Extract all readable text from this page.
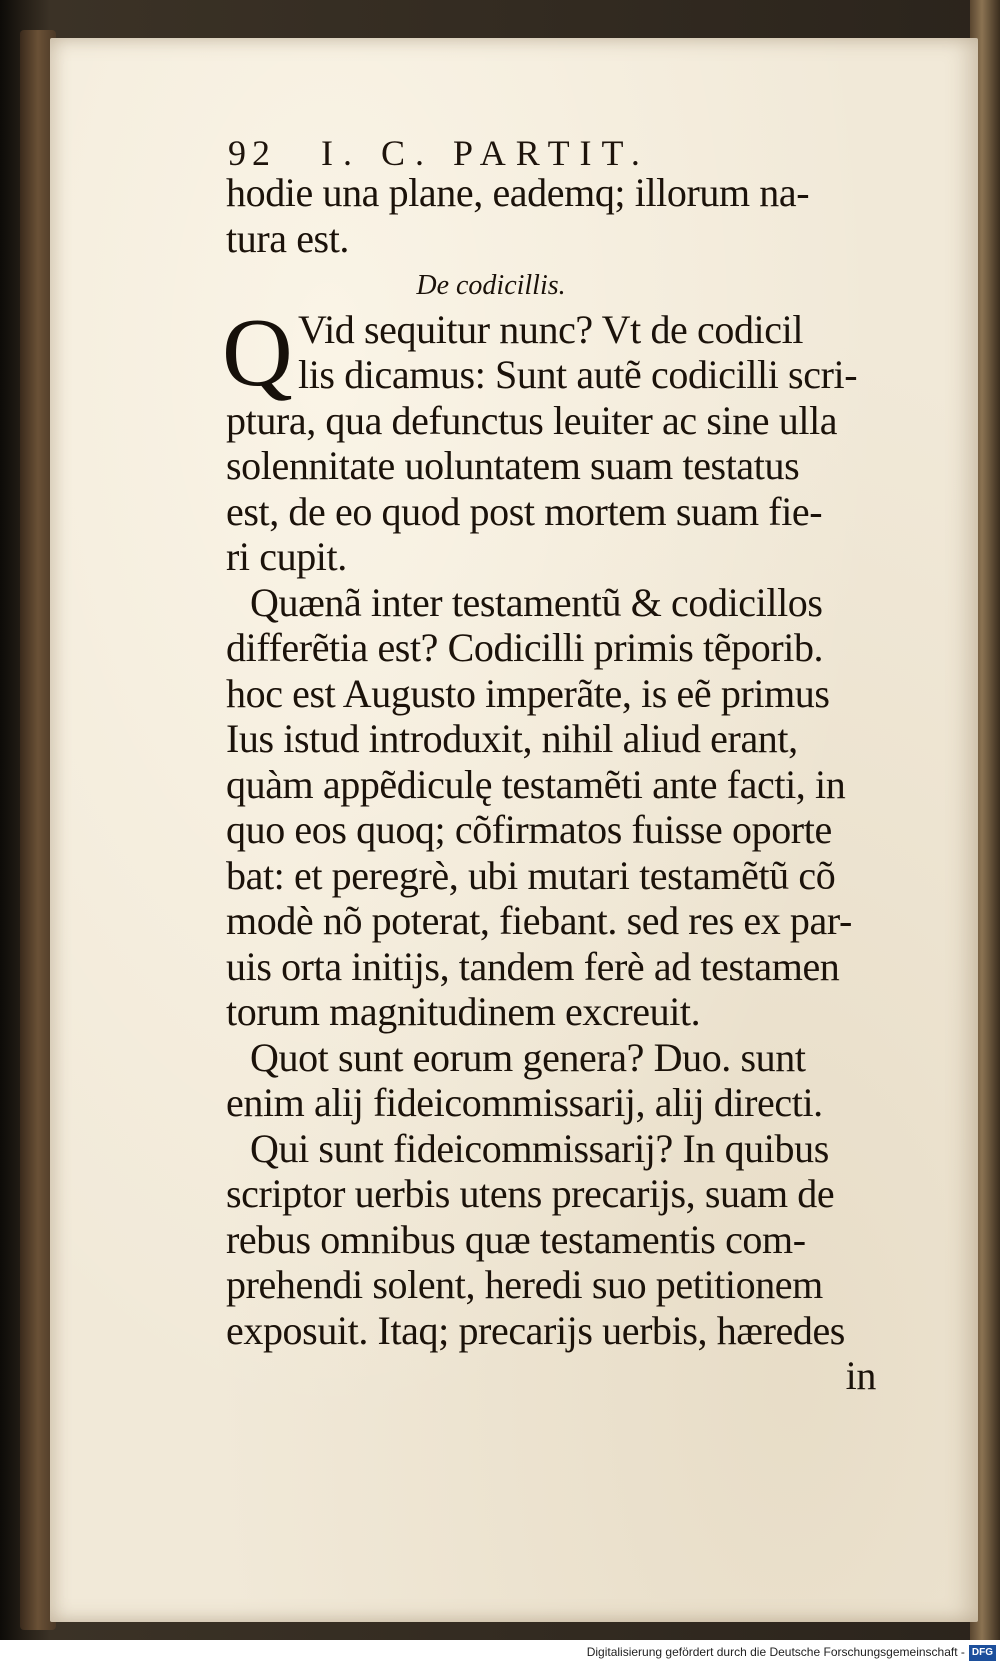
92 I. C. PARTIT.
hodie una plane, eademq; illorum na-
tura est.
De codicillis.
Q Vid sequitur nunc? Vt de codicil
lis dicamus: Sunt autẽ codicilli scri-
ptura, qua defunctus leuiter ac sine ulla
solennitate uoluntatem suam testatus
est, de eo quod post mortem suam fie-
ri cupit.
Quænã inter testamentũ & codicillos
differẽtia est? Codicilli primis tẽporib.
hoc est Augusto imperãte, is eẽ primus
Ius istud introduxit, nihil aliud erant,
quàm appẽdiculę testamẽti ante facti, in
quo eos quoq; cõfirmatos fuisse oporte
bat: et peregrè, ubi mutari testamẽtũ cõ
modè nõ poterat, fiebant. sed res ex par-
uis orta initijs, tandem ferè ad testamen
torum magnitudinem excreuit.
Quot sunt eorum genera? Duo. sunt
enim alij fideicommissarij, alij directi.
Qui sunt fideicommissarij? In quibus
scriptor uerbis utens precarijs, suam de
rebus omnibus quæ testamentis com-
prehendi solent, heredi suo petitionem
exposuit. Itaq; precarijs uerbis, hæredes
in
Digitalisierung gefördert durch die Deutsche Forschungsgemeinschaft - DFG
